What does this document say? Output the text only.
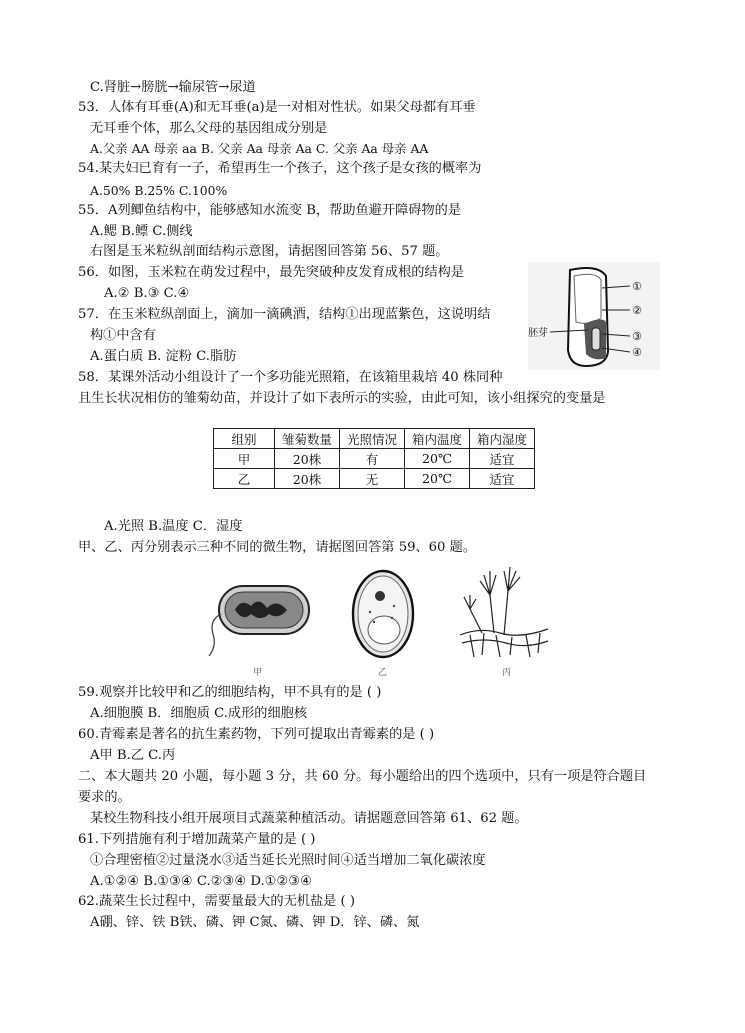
C.肾脏→膀胱→输尿管→尿道
53．人体有耳垂(A)和无耳垂(a)是一对相对性状。如果父母都有耳垂
无耳垂个体，那么父母的基因组成分别是
A.父亲 AA 母亲 aa B. 父亲 Aa 母亲 Aa C. 父亲 Aa 母亲 AA
54.某夫妇已育有一子，希望再生一个孩子，这个孩子是女孩的概率为
A.50% B.25% C.100%
55．A列鲫鱼结构中，能够感知水流变 B，帮助鱼避开障碍物的是
A.鳃 B.鳔 C.侧线
右图是玉米粒纵剖面结构示意图，请据图回答第 56、57 题。
56．如图，玉米粒在萌发过程中，最先突破种皮发育成根的结构是
A.② B.③ C.④
57．在玉米粒纵剖面上，滴加一滴碘酒，结构①出现蓝紫色，这说明结
构①中含有
A.蛋白质 B. 淀粉 C.脂肪
58．某课外活动小组设计了一个多功能光照箱，在该箱里栽培 40 株同种
且生长状况相仿的雏菊幼苗，并设计了如下表所示的实验，由此可知，该小组探究的变量是
组别	雏菊数量	光照情况	箱内温度	箱内湿度
甲	20株	有	20℃	适宜
乙	20株	无	20℃	适宜
A.光照 B.温度 C．湿度
甲、乙、丙分别表示三种不同的微生物，请据图回答第 59、60 题。
①
②
③
④
胚芽
甲	乙	丙
59.观察并比较甲和乙的细胞结构，甲不具有的是 ( )
A.细胞膜 B．细胞质 C.成形的细胞核
60.青霉素是著名的抗生素药物，下列可提取出青霉素的是 ( )
A甲 B.乙 C.丙
二、本大题共 20 小题，每小题 3 分，共 60 分。每小题给出的四个选项中，只有一项是符合题目
要求的。
某校生物科技小组开展项目式蔬菜种植活动。请据题意回答第 61、62 题。
61.下列措施有利于增加蔬菜产量的是 ( )
①合理密植②过量浇水③适当延长光照时间④适当增加二氧化碳浓度
A.①②④ B.①③④ C.②③④ D.①②③④
62.蔬菜生长过程中，需要量最大的无机盐是 ( )
A硼、锌、铁 B铁、磷、钾 C氮、磷、钾 D．锌、磷、氮
